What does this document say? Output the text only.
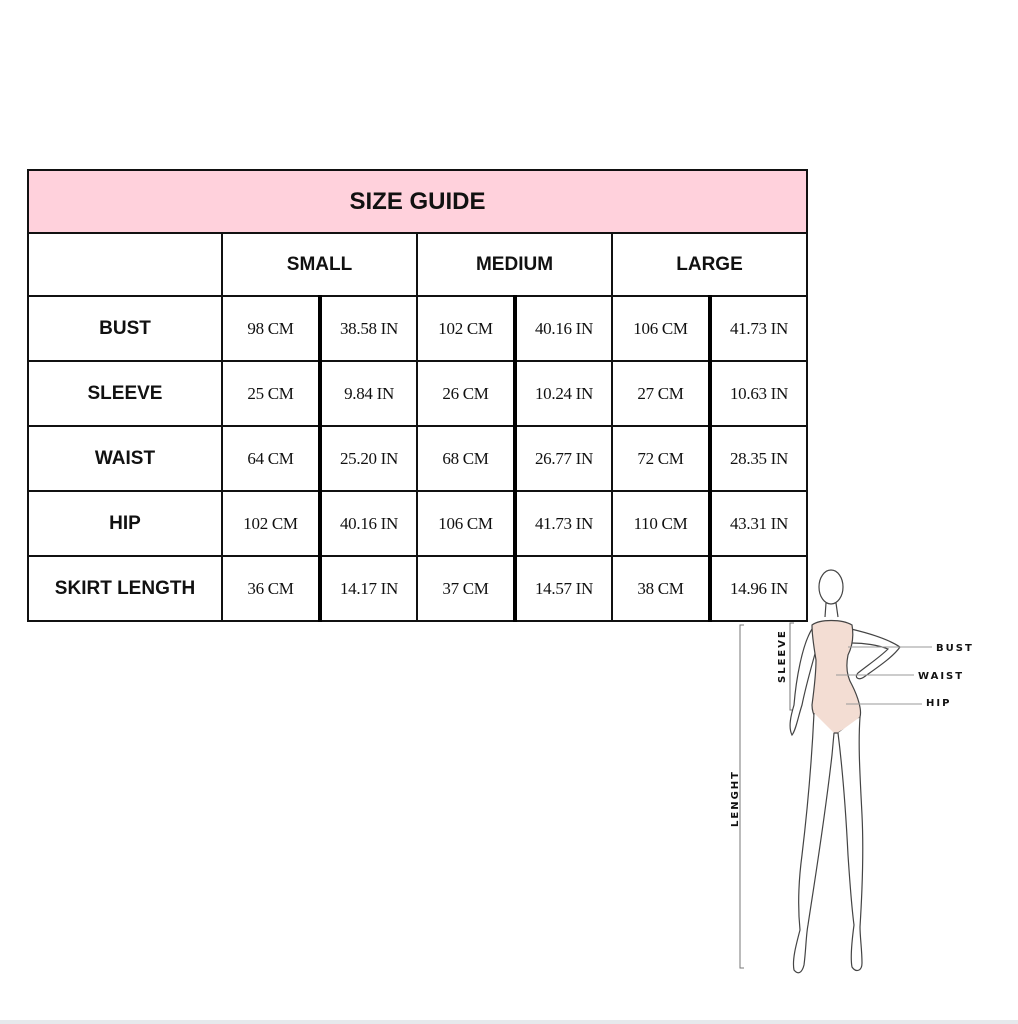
SIZE GUIDE						
	SMALL		MEDIUM		LARGE	
BUST	98 CM	38.58 IN	102 CM	40.16 IN	106 CM	41.73 IN
SLEEVE	25 CM	9.84 IN	26 CM	10.24 IN	27 CM	10.63 IN
WAIST	64 CM	25.20 IN	68 CM	26.77 IN	72 CM	28.35 IN
HIP	102 CM	40.16 IN	106 CM	41.73 IN	110 CM	43.31 IN
SKIRT LENGTH	36 CM	14.17 IN	37 CM	14.57 IN	38 CM	14.96 IN
LENGHT
SLEEVE	BUST
WAIST
HIP
